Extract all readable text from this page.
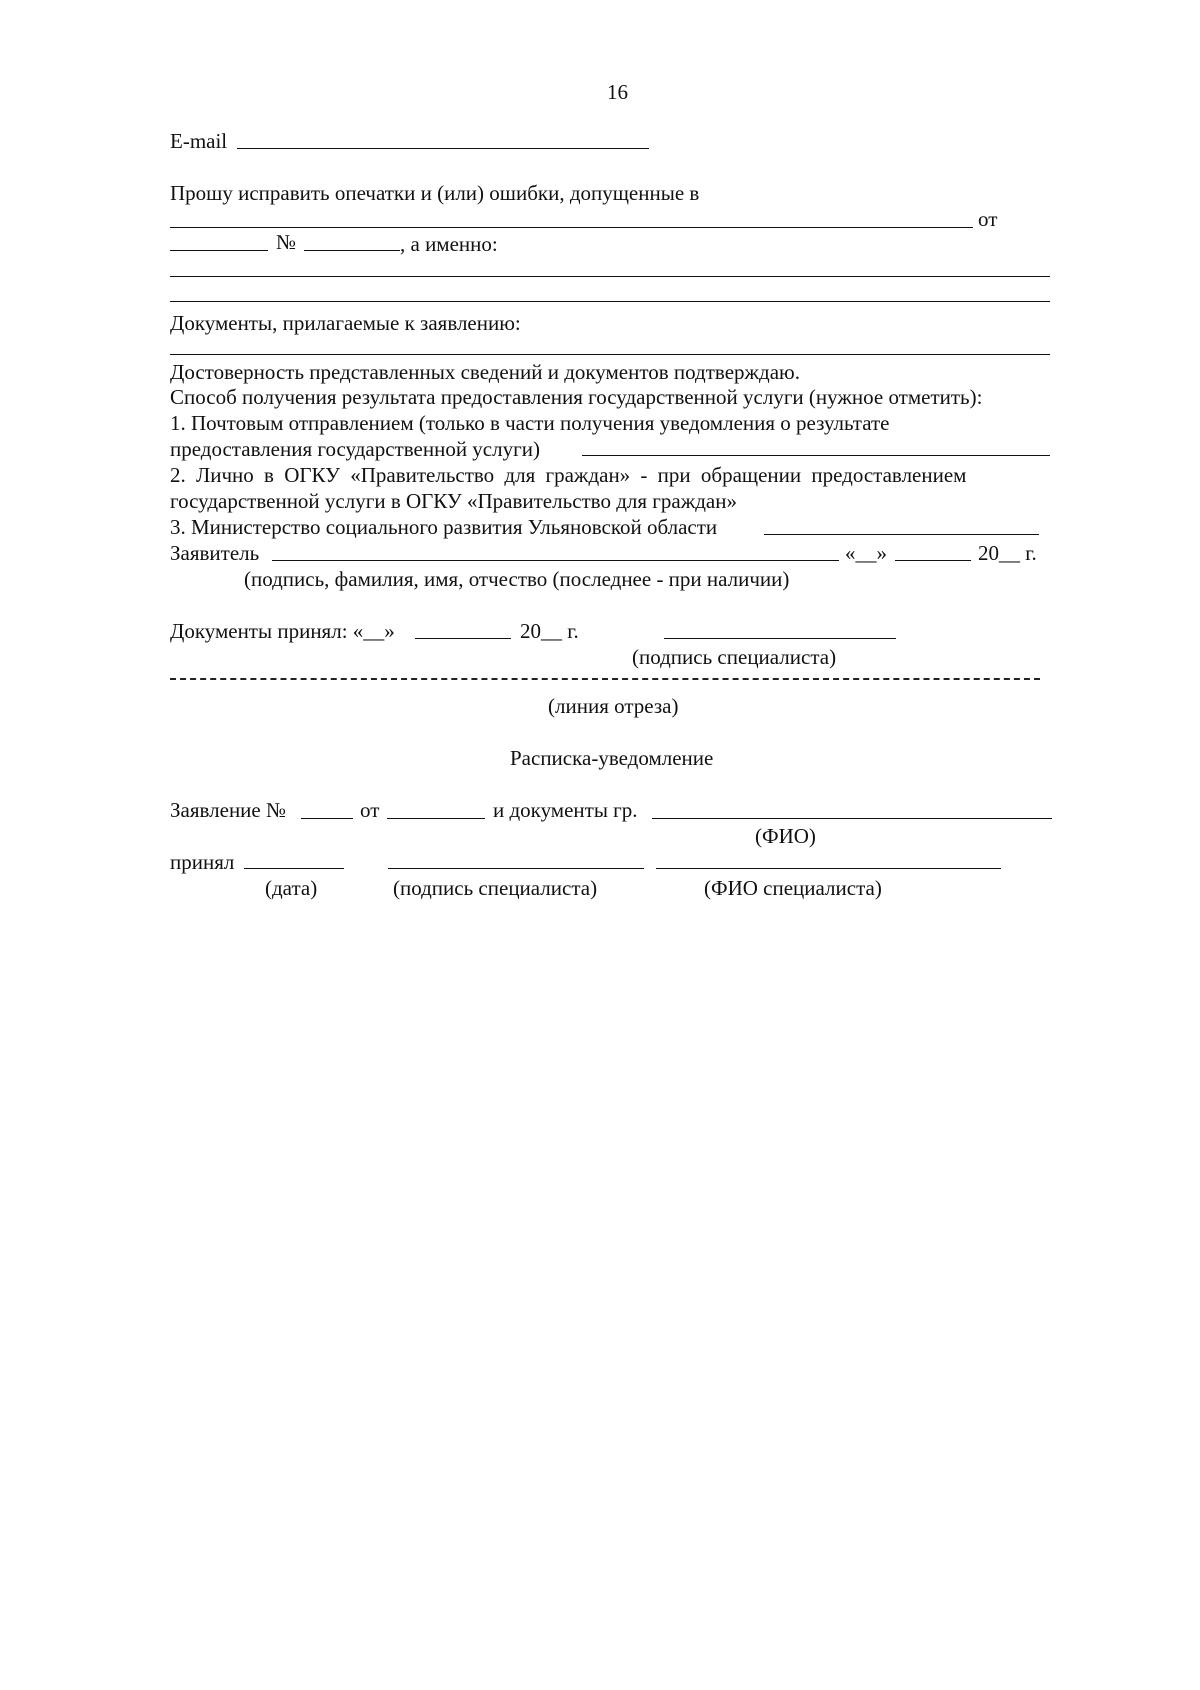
16
E-mail
Прошу исправить опечатки и (или) ошибки, допущенные в
от
№	, а именно:
Документы, прилагаемые к заявлению:
Достоверность представленных сведений и документов подтверждаю.
Способ получения результата предоставления государственной услуги (нужное отметить):
1. Почтовым отправлением (только в части получения уведомления о результате
предоставления государственной услуги)
2. Лично в ОГКУ «Правительство для граждан» - при обращении предоставлением
государственной услуги в ОГКУ «Правительство для граждан»
3. Министерство социального развития Ульяновской области
Заявитель	«__»	20__ г.
(подпись, фамилия, имя, отчество (последнее - при наличии)
Документы принял: «__»	20__ г.
(подпись специалиста)
(линия отреза)
Расписка-уведомление
Заявление №	от	и документы гр.
(ФИО)
принял
(дата)	(подпись специалиста)	(ФИО специалиста)
